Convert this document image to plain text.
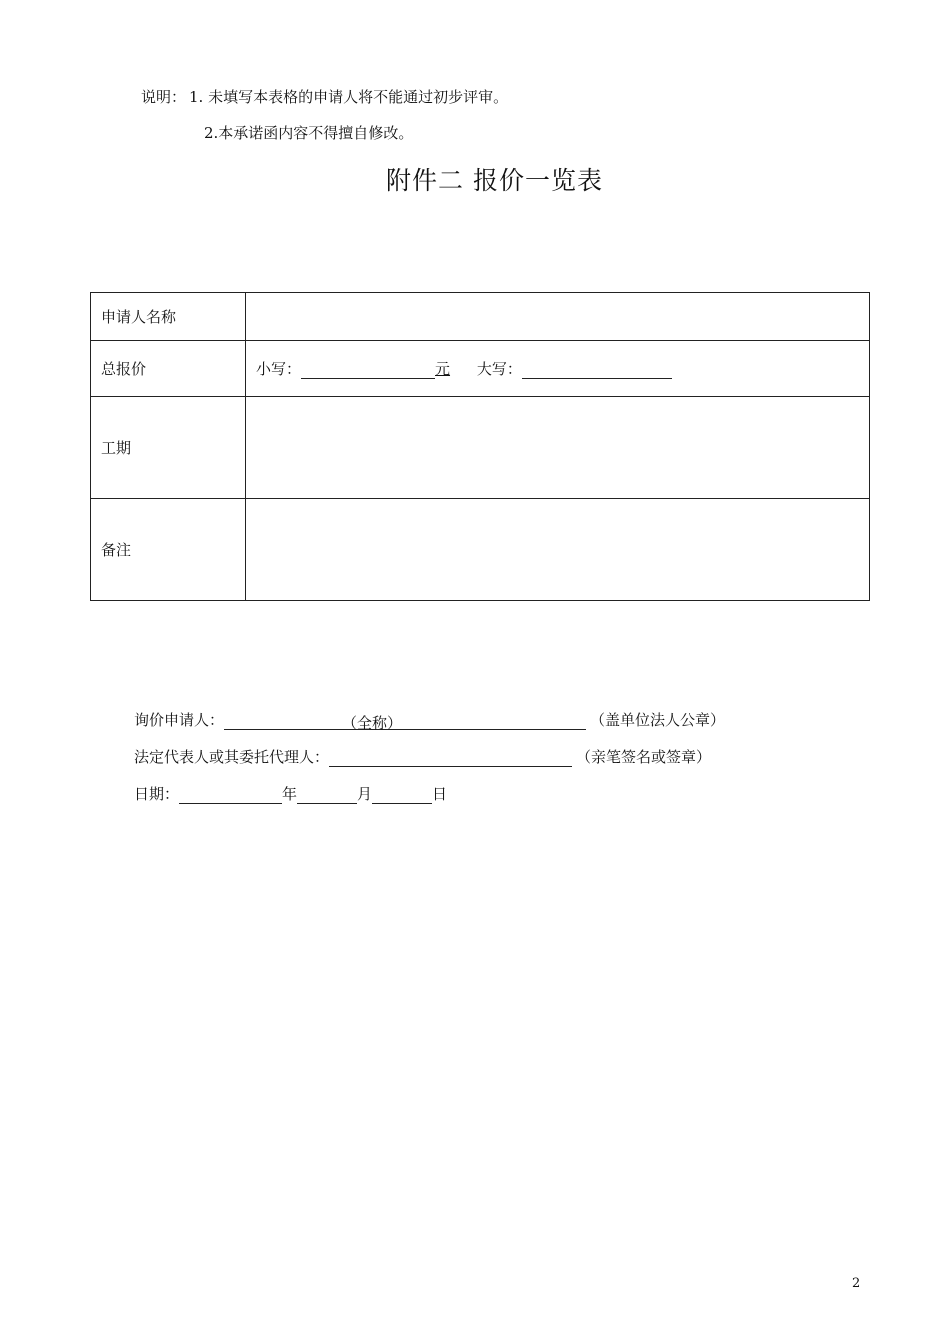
说明： 1. 未填写本表格的申请人将不能通过初步评审。
2.本承诺函内容不得擅自修改。
附件二 报价一览表
申请人名称	
总报价	小写： 元 大写：
工期	
备注	
询价申请人：	（全称）	（盖单位法人公章）
法定代表人或其委托代理人：	（亲笔签名或签章）
日期：	年	月	日
2
